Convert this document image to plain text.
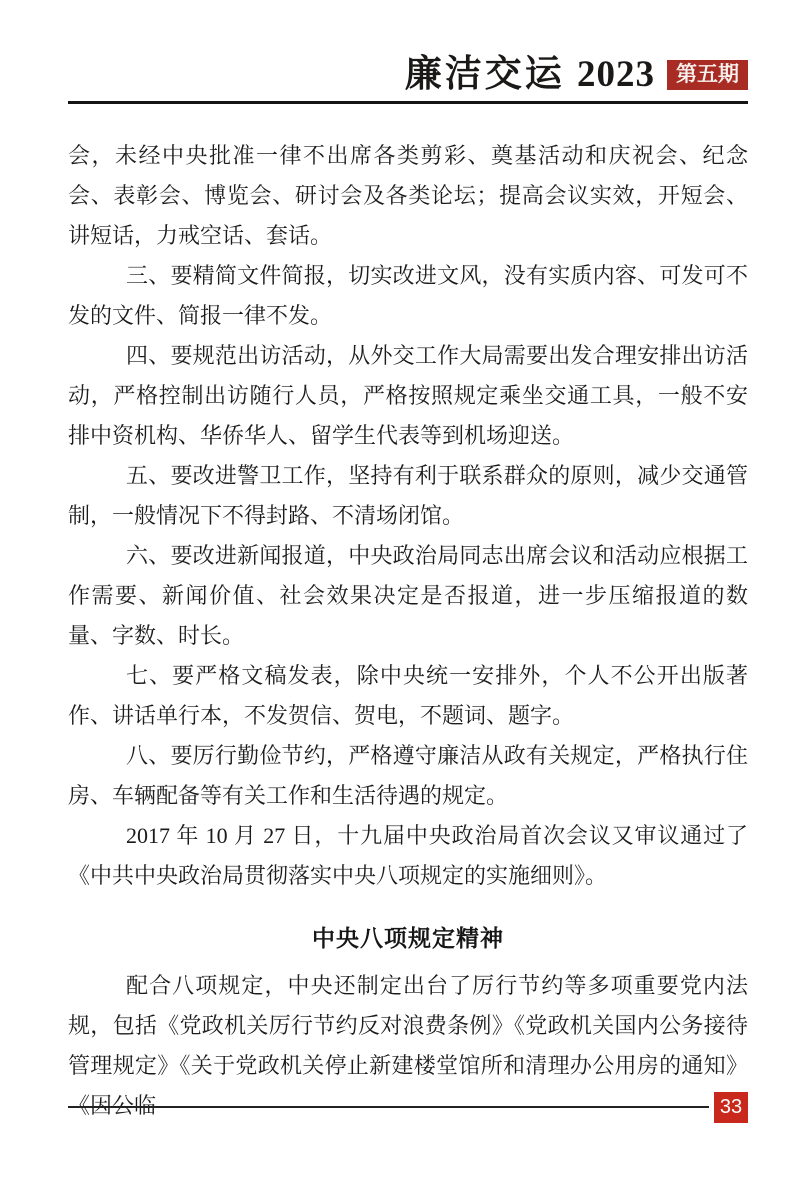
廉洁交运 2023	第五期

会，未经中央批准一律不出席各类剪彩、奠基活动和庆祝会、纪念会、表彰会、博览会、研讨会及各类论坛；提高会议实效，开短会、讲短话，力戒空话、套话。

三、要精简文件简报，切实改进文风，没有实质内容、可发可不发的文件、简报一律不发。

四、要规范出访活动，从外交工作大局需要出发合理安排出访活动，严格控制出访随行人员，严格按照规定乘坐交通工具，一般不安排中资机构、华侨华人、留学生代表等到机场迎送。

五、要改进警卫工作，坚持有利于联系群众的原则，减少交通管制，一般情况下不得封路、不清场闭馆。

六、要改进新闻报道，中央政治局同志出席会议和活动应根据工作需要、新闻价值、社会效果决定是否报道，进一步压缩报道的数量、字数、时长。

七、要严格文稿发表，除中央统一安排外，个人不公开出版著作、讲话单行本，不发贺信、贺电，不题词、题字。

八、要厉行勤俭节约，严格遵守廉洁从政有关规定，严格执行住房、车辆配备等有关工作和生活待遇的规定。

2017 年 10 月 27 日，十九届中央政治局首次会议又审议通过了《中共中央政治局贯彻落实中央八项规定的实施细则》。

中央八项规定精神

配合八项规定，中央还制定出台了厉行节约等多项重要党内法规，包括《党政机关厉行节约反对浪费条例》《党政机关国内公务接待管理规定》《关于党政机关停止新建楼堂馆所和清理办公用房的通知》《因公临	33
